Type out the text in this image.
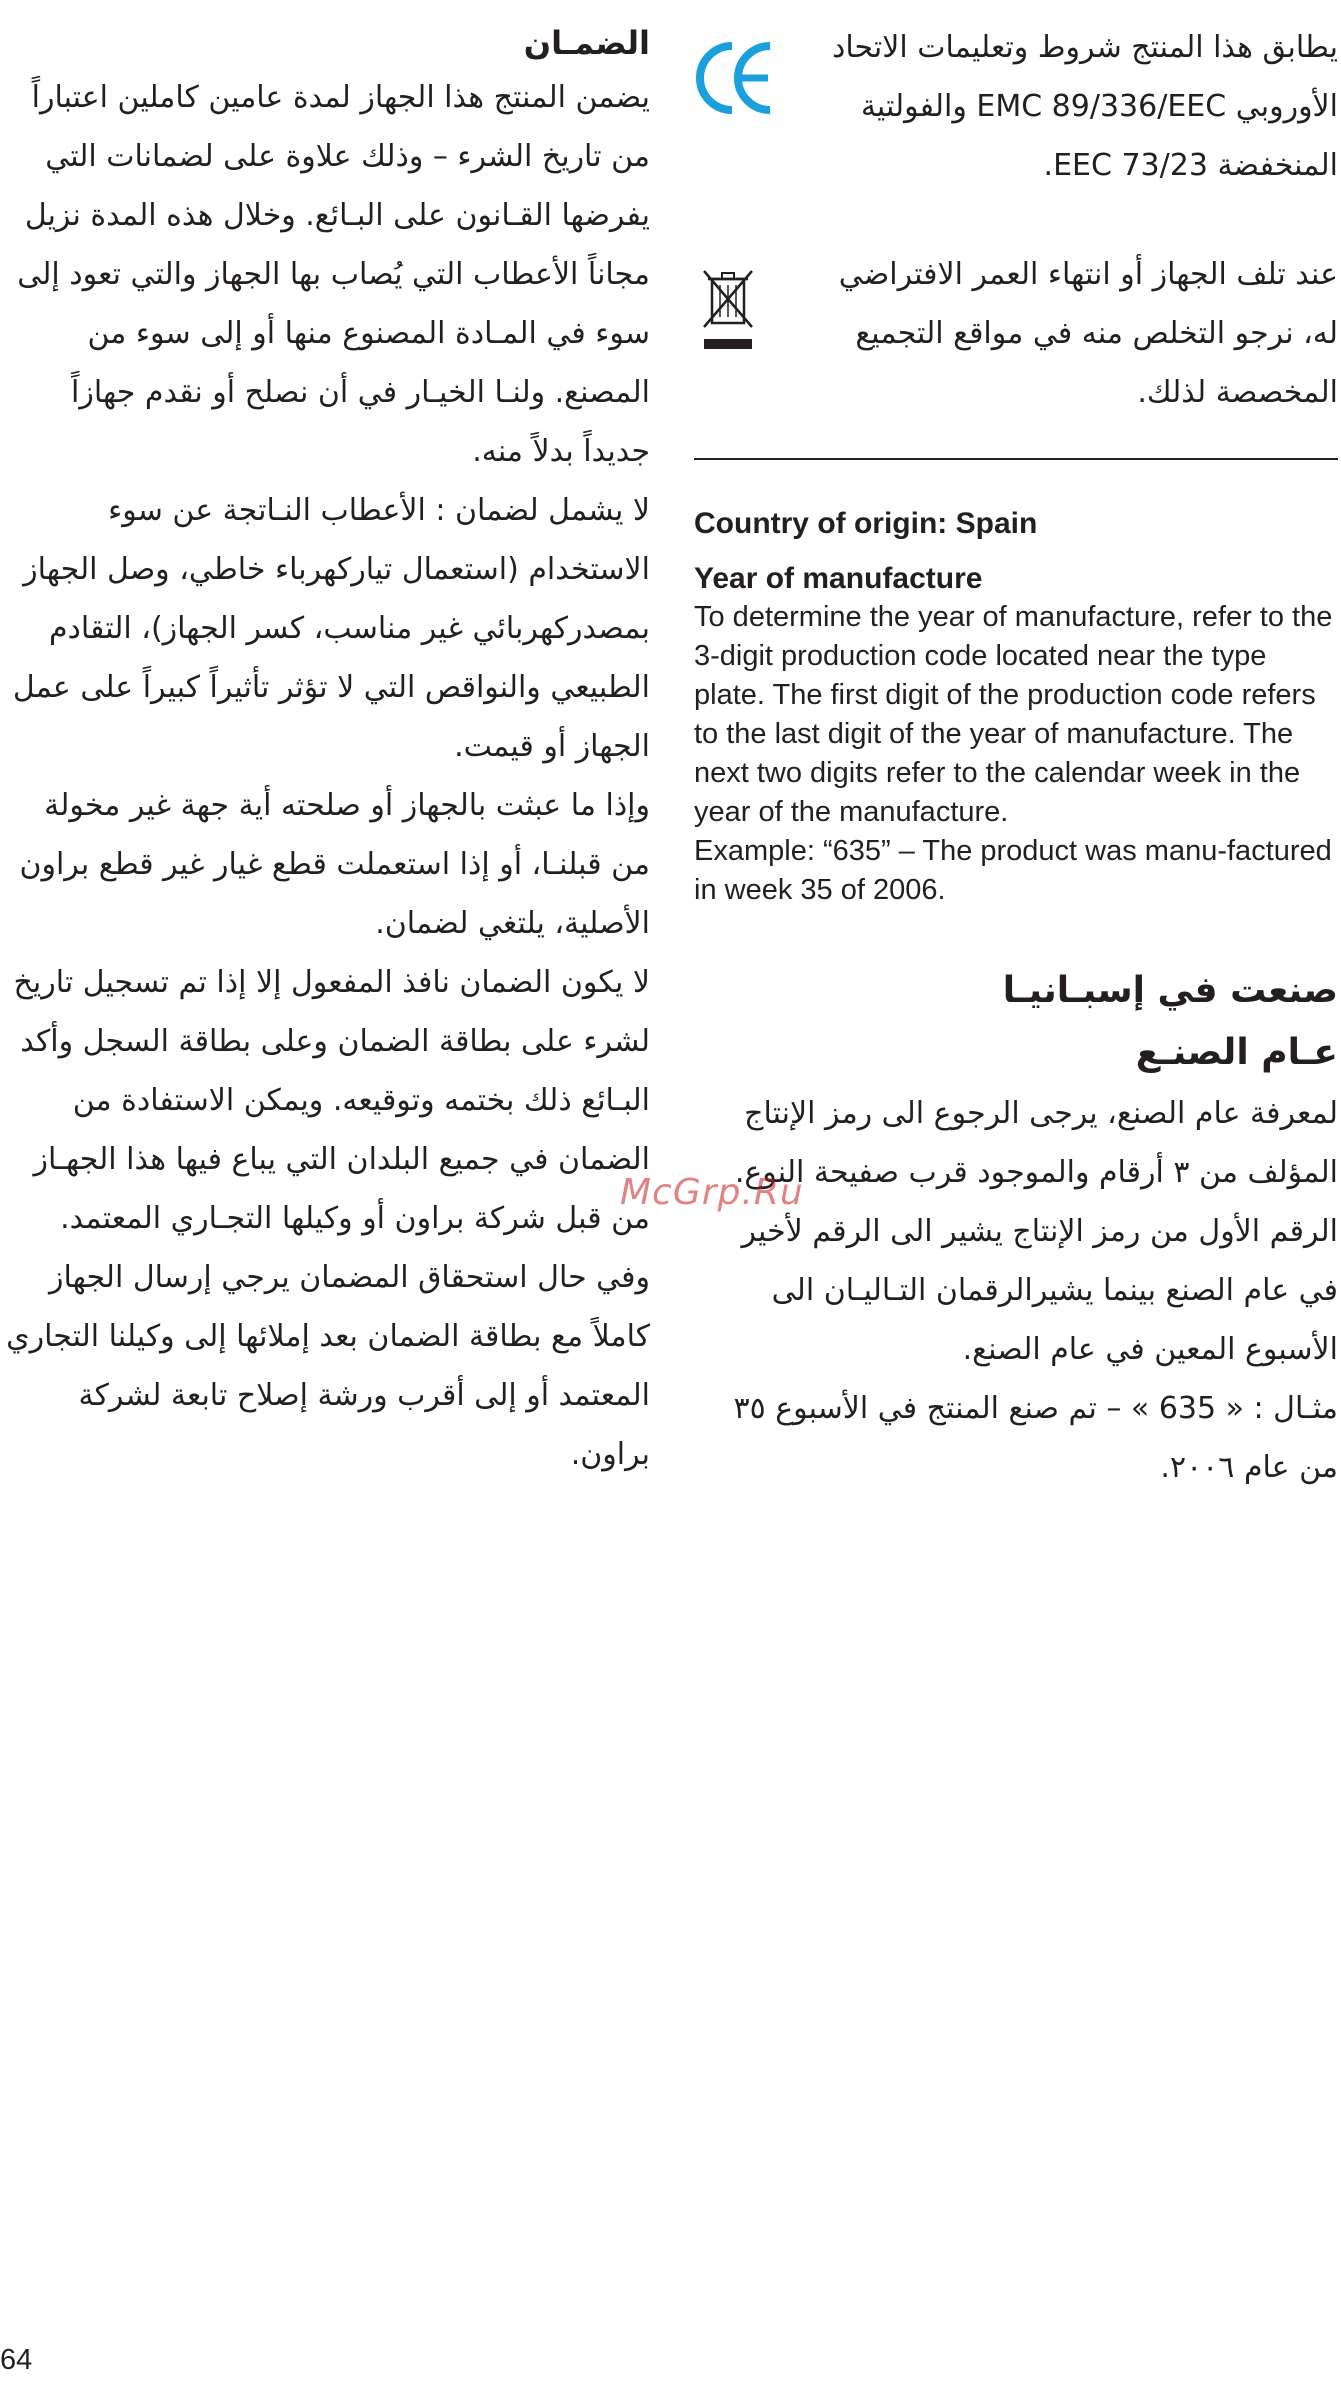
الضمـان

يضمن المنتج هذا الجهاز لمدة عامين كاملين اعتباراً من تاريخ الشرء – وذلك علاوة على لضمانات التي يفرضها القـانون على البـائع. وخلال هذه المدة نزيل مجاناً الأعطاب التي يُصاب بها الجهاز والتي تعود إلى سوء في المـادة المصنوع منها أو إلى سوء من المصنع. ولنـا الخيـار في أن نصلح أو نقدم جهازاً جديداً بدلاً منه.

لا يشمل لضمان : الأعطاب النـاتجة عن سوء الاستخدام (استعمال تياركهرباء خاطي، وصل الجهاز بمصدركهربائي غير مناسب، كسر الجهاز)، التقادم الطبيعي والنواقص التي لا تؤثر تأثيراً كبيراً على عمل الجهاز أو قيمت.

وإذا ما عبثت بالجهاز أو صلحته أية جهة غير مخولة من قبلنـا، أو إذا استعملت قطع غيار غير قطع براون الأصلية، يلتغي لضمان.

لا يكون الضمان نافذ المفعول إلا إذا تم تسجيل تاريخ لشرء على بطاقة الضمان وعلى بطاقة السجل وأكد البـائع ذلك بختمه وتوقيعه. ويمكن الاستفادة من الضمان في جميع البلدان التي يباع فيها هذا الجهـاز من قبل شركة براون أو وكيلها التجـاري المعتمد.

وفي حال استحقاق المضمان يرجي إرسال الجهاز كاملاً مع بطاقة الضمان بعد إملائها إلى وكيلنا التجاري المعتمد أو إلى أقرب ورشة إصلاح تابعة لشركة براون.

يطابق هذا المنتج شروط وتعليمات الاتحاد الأوروبي EMC 89/336/EEC والفولتية المنخفضة 73/23 EEC.
عند تلف الجهاز أو انتهاء العمر الافتراضي له، نرجو التخلص منه في مواقع التجميع المخصصة لذلك.
Country of origin: Spain
Year of manufacture
To determine the year of manufacture, refer to the 3-digit production code located near the type plate. The first digit of the production code refers to the last digit of the year of manufacture. The next two digits refer to the calendar week in the year of the manufacture.
Example: “635” – The product was manu-factured in week 35 of 2006.
صنعت في إسبـانيـا
عـام الصنـع
لمعرفة عام الصنع، يرجى الرجوع الى رمز الإنتاج المؤلف من ٣ أرقام والموجود قرب صفيحة النوع. الرقم الأول من رمز الإنتاج يشير الى الرقم لأخير في عام الصنع بينما يشيرالرقمان التـاليـان الى الأسبوع المعين في عام الصنع.
مثـال : « 635 » – تم صنع المنتج في الأسبوع ٣٥ من عام ٢٠٠٦.
McGrp.Ru
64
